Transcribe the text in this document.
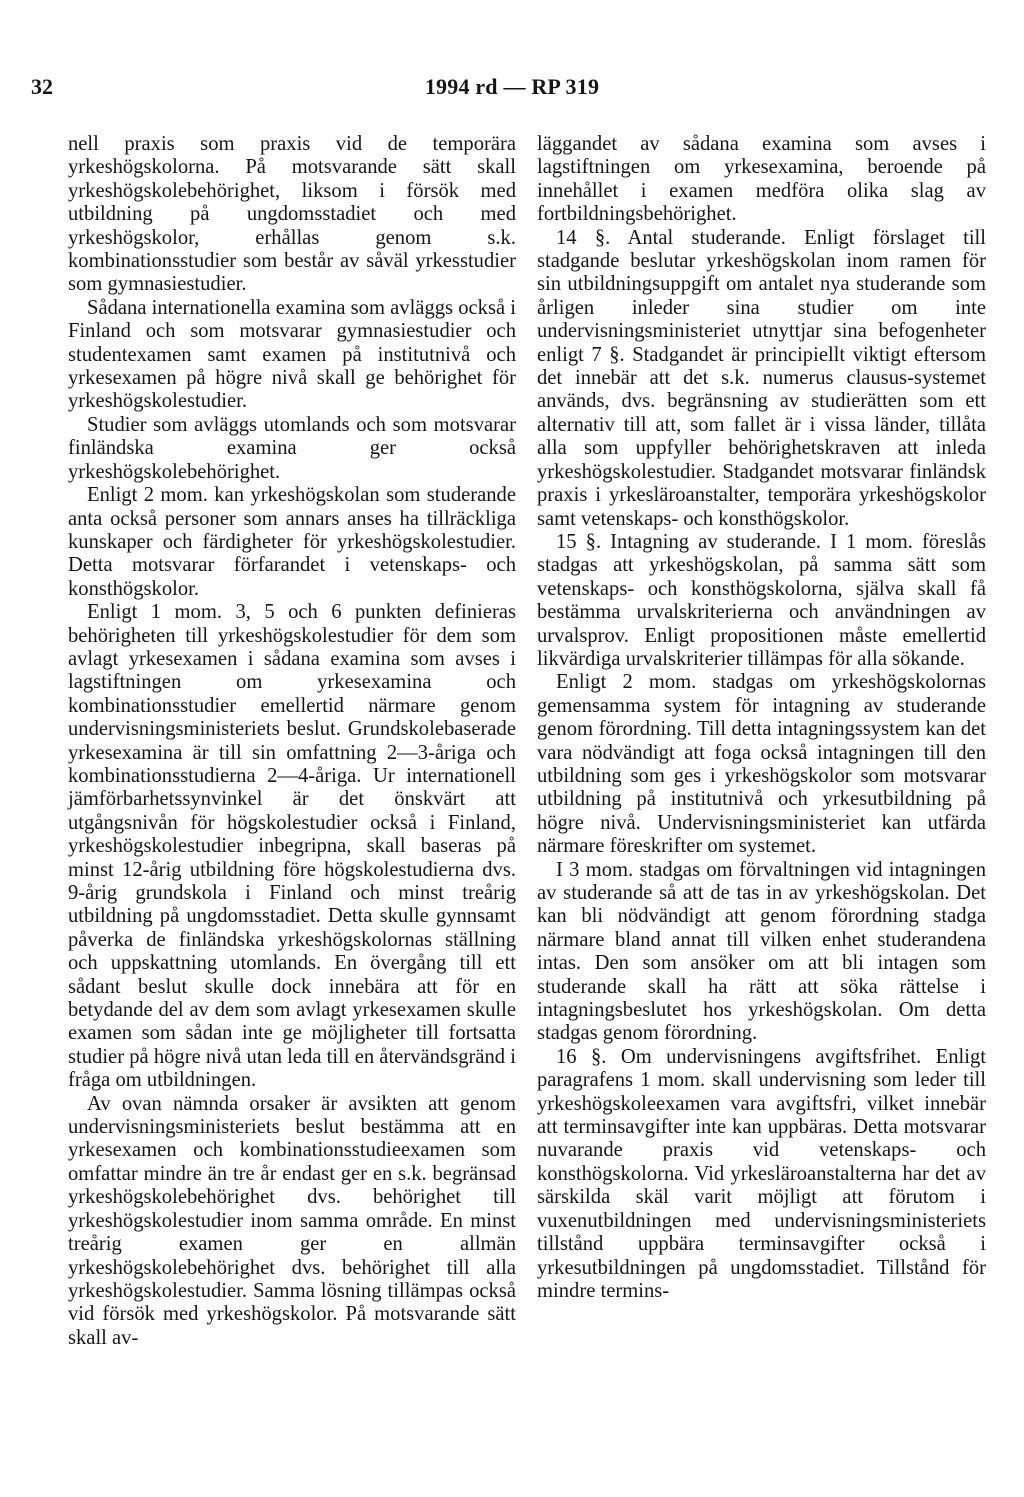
32	1994 rd — RP 319

nell praxis som praxis vid de temporära yrkeshögskolorna. På motsvarande sätt skall yrkeshögskolebehörighet, liksom i försök med utbildning på ungdomsstadiet och med yrkeshögskolor, erhållas genom s.k. kombinationsstudier som består av såväl yrkesstudier som gymnasiestudier.

Sådana internationella examina som avläggs också i Finland och som motsvarar gymnasiestudier och studentexamen samt examen på institutnivå och yrkesexamen på högre nivå skall ge behörighet för yrkeshögskolestudier.

Studier som avläggs utomlands och som motsvarar finländska examina ger också yrkeshögskolebehörighet.

Enligt 2 mom. kan yrkeshögskolan som studerande anta också personer som annars anses ha tillräckliga kunskaper och färdigheter för yrkeshögskolestudier. Detta motsvarar förfarandet i vetenskaps- och konsthögskolor.

Enligt 1 mom. 3, 5 och 6 punkten definieras behörigheten till yrkeshögskolestudier för dem som avlagt yrkesexamen i sådana examina som avses i lagstiftningen om yrkesexamina och kombinationsstudier emellertid närmare genom undervisningsministeriets beslut. Grundskolebaserade yrkesexamina är till sin omfattning 2—3-åriga och kombinationsstudierna 2—4-åriga. Ur internationell jämförbarhetssynvinkel är det önskvärt att utgångsnivån för högskolestudier också i Finland, yrkeshögskolestudier inbegripna, skall baseras på minst 12-årig utbildning före högskolestudierna dvs. 9-årig grundskola i Finland och minst treårig utbildning på ungdomsstadiet. Detta skulle gynnsamt påverka de finländska yrkeshögskolornas ställning och uppskattning utomlands. En övergång till ett sådant beslut skulle dock innebära att för en betydande del av dem som avlagt yrkesexamen skulle examen som sådan inte ge möjligheter till fortsatta studier på högre nivå utan leda till en återvändsgränd i fråga om utbildningen.

Av ovan nämnda orsaker är avsikten att genom undervisningsministeriets beslut bestämma att en yrkesexamen och kombinationsstudieexamen som omfattar mindre än tre år endast ger en s.k. begränsad yrkeshögskolebehörighet dvs. behörighet till yrkeshögskolestudier inom samma område. En minst treårig examen ger en allmän yrkeshögskolebehörighet dvs. behörighet till alla yrkeshögskolestudier. Samma lösning tillämpas också vid försök med yrkeshögskolor. På motsvarande sätt skall av-

läggandet av sådana examina som avses i lagstiftningen om yrkesexamina, beroende på innehållet i examen medföra olika slag av fortbildningsbehörighet.

14 §. Antal studerande. Enligt förslaget till stadgande beslutar yrkeshögskolan inom ramen för sin utbildningsuppgift om antalet nya studerande som årligen inleder sina studier om inte undervisningsministeriet utnyttjar sina befogenheter enligt 7 §. Stadgandet är principiellt viktigt eftersom det innebär att det s.k. numerus clausus-systemet används, dvs. begränsning av studierätten som ett alternativ till att, som fallet är i vissa länder, tillåta alla som uppfyller behörighetskraven att inleda yrkeshögskolestudier. Stadgandet motsvarar finländsk praxis i yrkesläroanstalter, temporära yrkeshögskolor samt vetenskaps- och konsthögskolor.

15 §. Intagning av studerande. I 1 mom. föreslås stadgas att yrkeshögskolan, på samma sätt som vetenskaps- och konsthögskolorna, själva skall få bestämma urvalskriterierna och användningen av urvalsprov. Enligt propositionen måste emellertid likvärdiga urvalskriterier tillämpas för alla sökande.

Enligt 2 mom. stadgas om yrkeshögskolornas gemensamma system för intagning av studerande genom förordning. Till detta intagningssystem kan det vara nödvändigt att foga också intagningen till den utbildning som ges i yrkeshögskolor som motsvarar utbildning på institutnivå och yrkesutbildning på högre nivå. Undervisningsministeriet kan utfärda närmare föreskrifter om systemet.

I 3 mom. stadgas om förvaltningen vid intagningen av studerande så att de tas in av yrkeshögskolan. Det kan bli nödvändigt att genom förordning stadga närmare bland annat till vilken enhet studerandena intas. Den som ansöker om att bli intagen som studerande skall ha rätt att söka rättelse i intagningsbeslutet hos yrkeshögskolan. Om detta stadgas genom förordning.

16 §. Om undervisningens avgiftsfrihet. Enligt paragrafens 1 mom. skall undervisning som leder till yrkeshögskoleexamen vara avgiftsfri, vilket innebär att terminsavgifter inte kan uppbäras. Detta motsvarar nuvarande praxis vid vetenskaps- och konsthögskolorna. Vid yrkesläroanstalterna har det av särskilda skäl varit möjligt att förutom i vuxenutbildningen med undervisningsministeriets tillstånd uppbära terminsavgifter också i yrkesutbildningen på ungdomsstadiet. Tillstånd för mindre termins-
